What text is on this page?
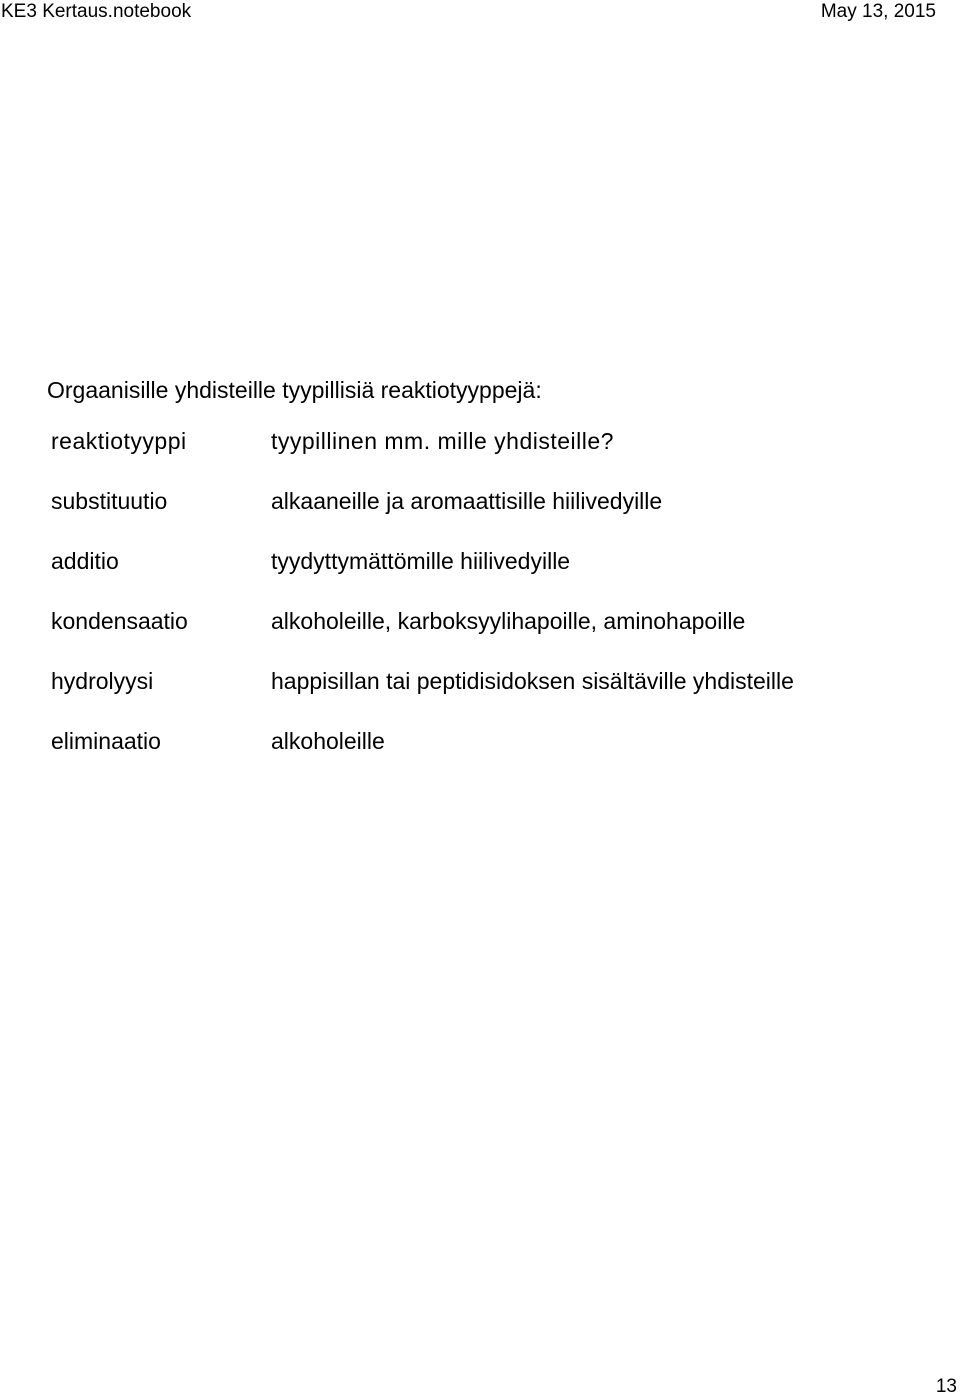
KE3 Kertaus.notebook	May 13, 2015
Orgaanisille yhdisteille tyypillisiä reaktiotyyppejä:
reaktiotyyppi	tyypillinen mm. mille yhdisteille?
substituutio	alkaaneille ja aromaattisille hiilivedyille
additio	tyydyttymättömille hiilivedyille
kondensaatio	alkoholeille, karboksyylihapoille, aminohapoille
hydrolyysi	happisillan tai peptidisidoksen sisältäville yhdisteille
eliminaatio	alkoholeille
13
